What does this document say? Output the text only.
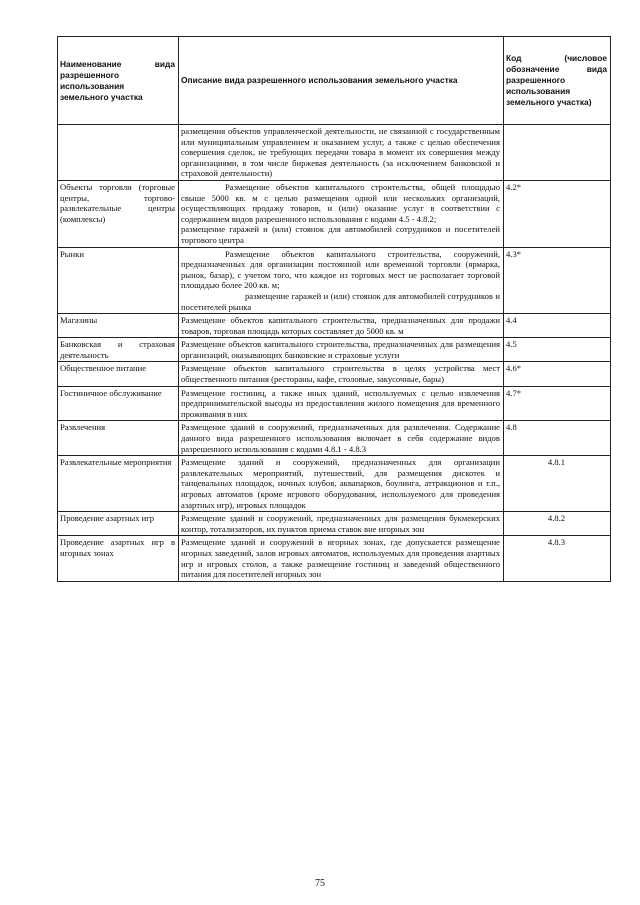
Наименование вида разрешенного использования земельного участка	Описание вида разрешенного использования земельного участка	Код (числовое обозначение вида разрешенного использования земельного участка)

	размещения объектов управленческой деятельности, не связанной с государственным или муниципальным управлением и оказанием услуг, а также с целью обеспечения совершения сделок, не требующих передачи товара в момент их совершения между организациями, в том числе биржевая деятельность (за исключением банковской и страховой деятельности)	

Объекты торговли (торговые центры, торгово-развлекательные центры (комплексы)	Размещение объектов капитального строительства, общей площадью свыше 5000 кв. м с целью размещения одной или нескольких организаций, осуществляющих продажу товаров, и (или) оказание услуг в соответствии с содержанием видов разрешенного использования с кодами 4.5 - 4.8.2;
размещение гаражей и (или) стоянок для автомобилей сотрудников и посетителей торгового центра	4.2*
Рынки	Размещение объектов капитального строительства, сооружений, предназначенных для организации постоянной или временной торговли (ярмарка, рынок, базар), с учетом того, что каждое из торговых мест не располагает торговой площадью более 200 кв. м;
размещение гаражей и (или) стоянок для автомобилей сотрудников и посетителей рынка	4.3*
Магазины	Размещение объектов капитального строительства, предназначенных для продажи товаров, торговая площадь которых составляет до 5000 кв. м	4.4
Банковская и страховая деятельность	Размещение объектов капитального строительства, предназначенных для размещения организаций, оказывающих банковские и страховые услуги	4.5
Общественное питание	Размещение объектов капитального строительства в целях устройства мест общественного питания (рестораны, кафе, столовые, закусочные, бары)	4.6*
Гостиничное обслуживание	Размещение гостиниц, а также иных зданий, используемых с целью извлечения предпринимательской выгоды из предоставления жилого помещения для временного проживания в них	4.7*
Развлечения	Размещение зданий и сооружений, предназначенных для развлечения. Содержание данного вида разрешенного использования включает в себя содержание видов разрешенного использования с кодами 4.8.1 - 4.8.3	4.8
Развлекательные мероприятия	Размещение зданий и сооружений, предназначенных для организации развлекательных мероприятий, путешествий, для размещения дискотек и танцевальных площадок, ночных клубов, аквапарков, боулинга, аттракционов и т.п., игровых автоматов (кроме игрового оборудования, используемого для проведения азартных игр), игровых площадок	4.8.1
Проведение азартных игр	Размещение зданий и сооружений, предназначенных для размещения букмекерских контор, тотализаторов, их пунктов приема ставок вне игорных зон	4.8.2
Проведение азартных игр в игорных зонах	Размещение зданий и сооружений в игорных зонах, где допускается размещение игорных заведений, залов игровых автоматов, используемых для проведения азартных игр и игровых столов, а также размещение гостиниц и заведений общественного питания для посетителей игорных зон	4.8.3
75
